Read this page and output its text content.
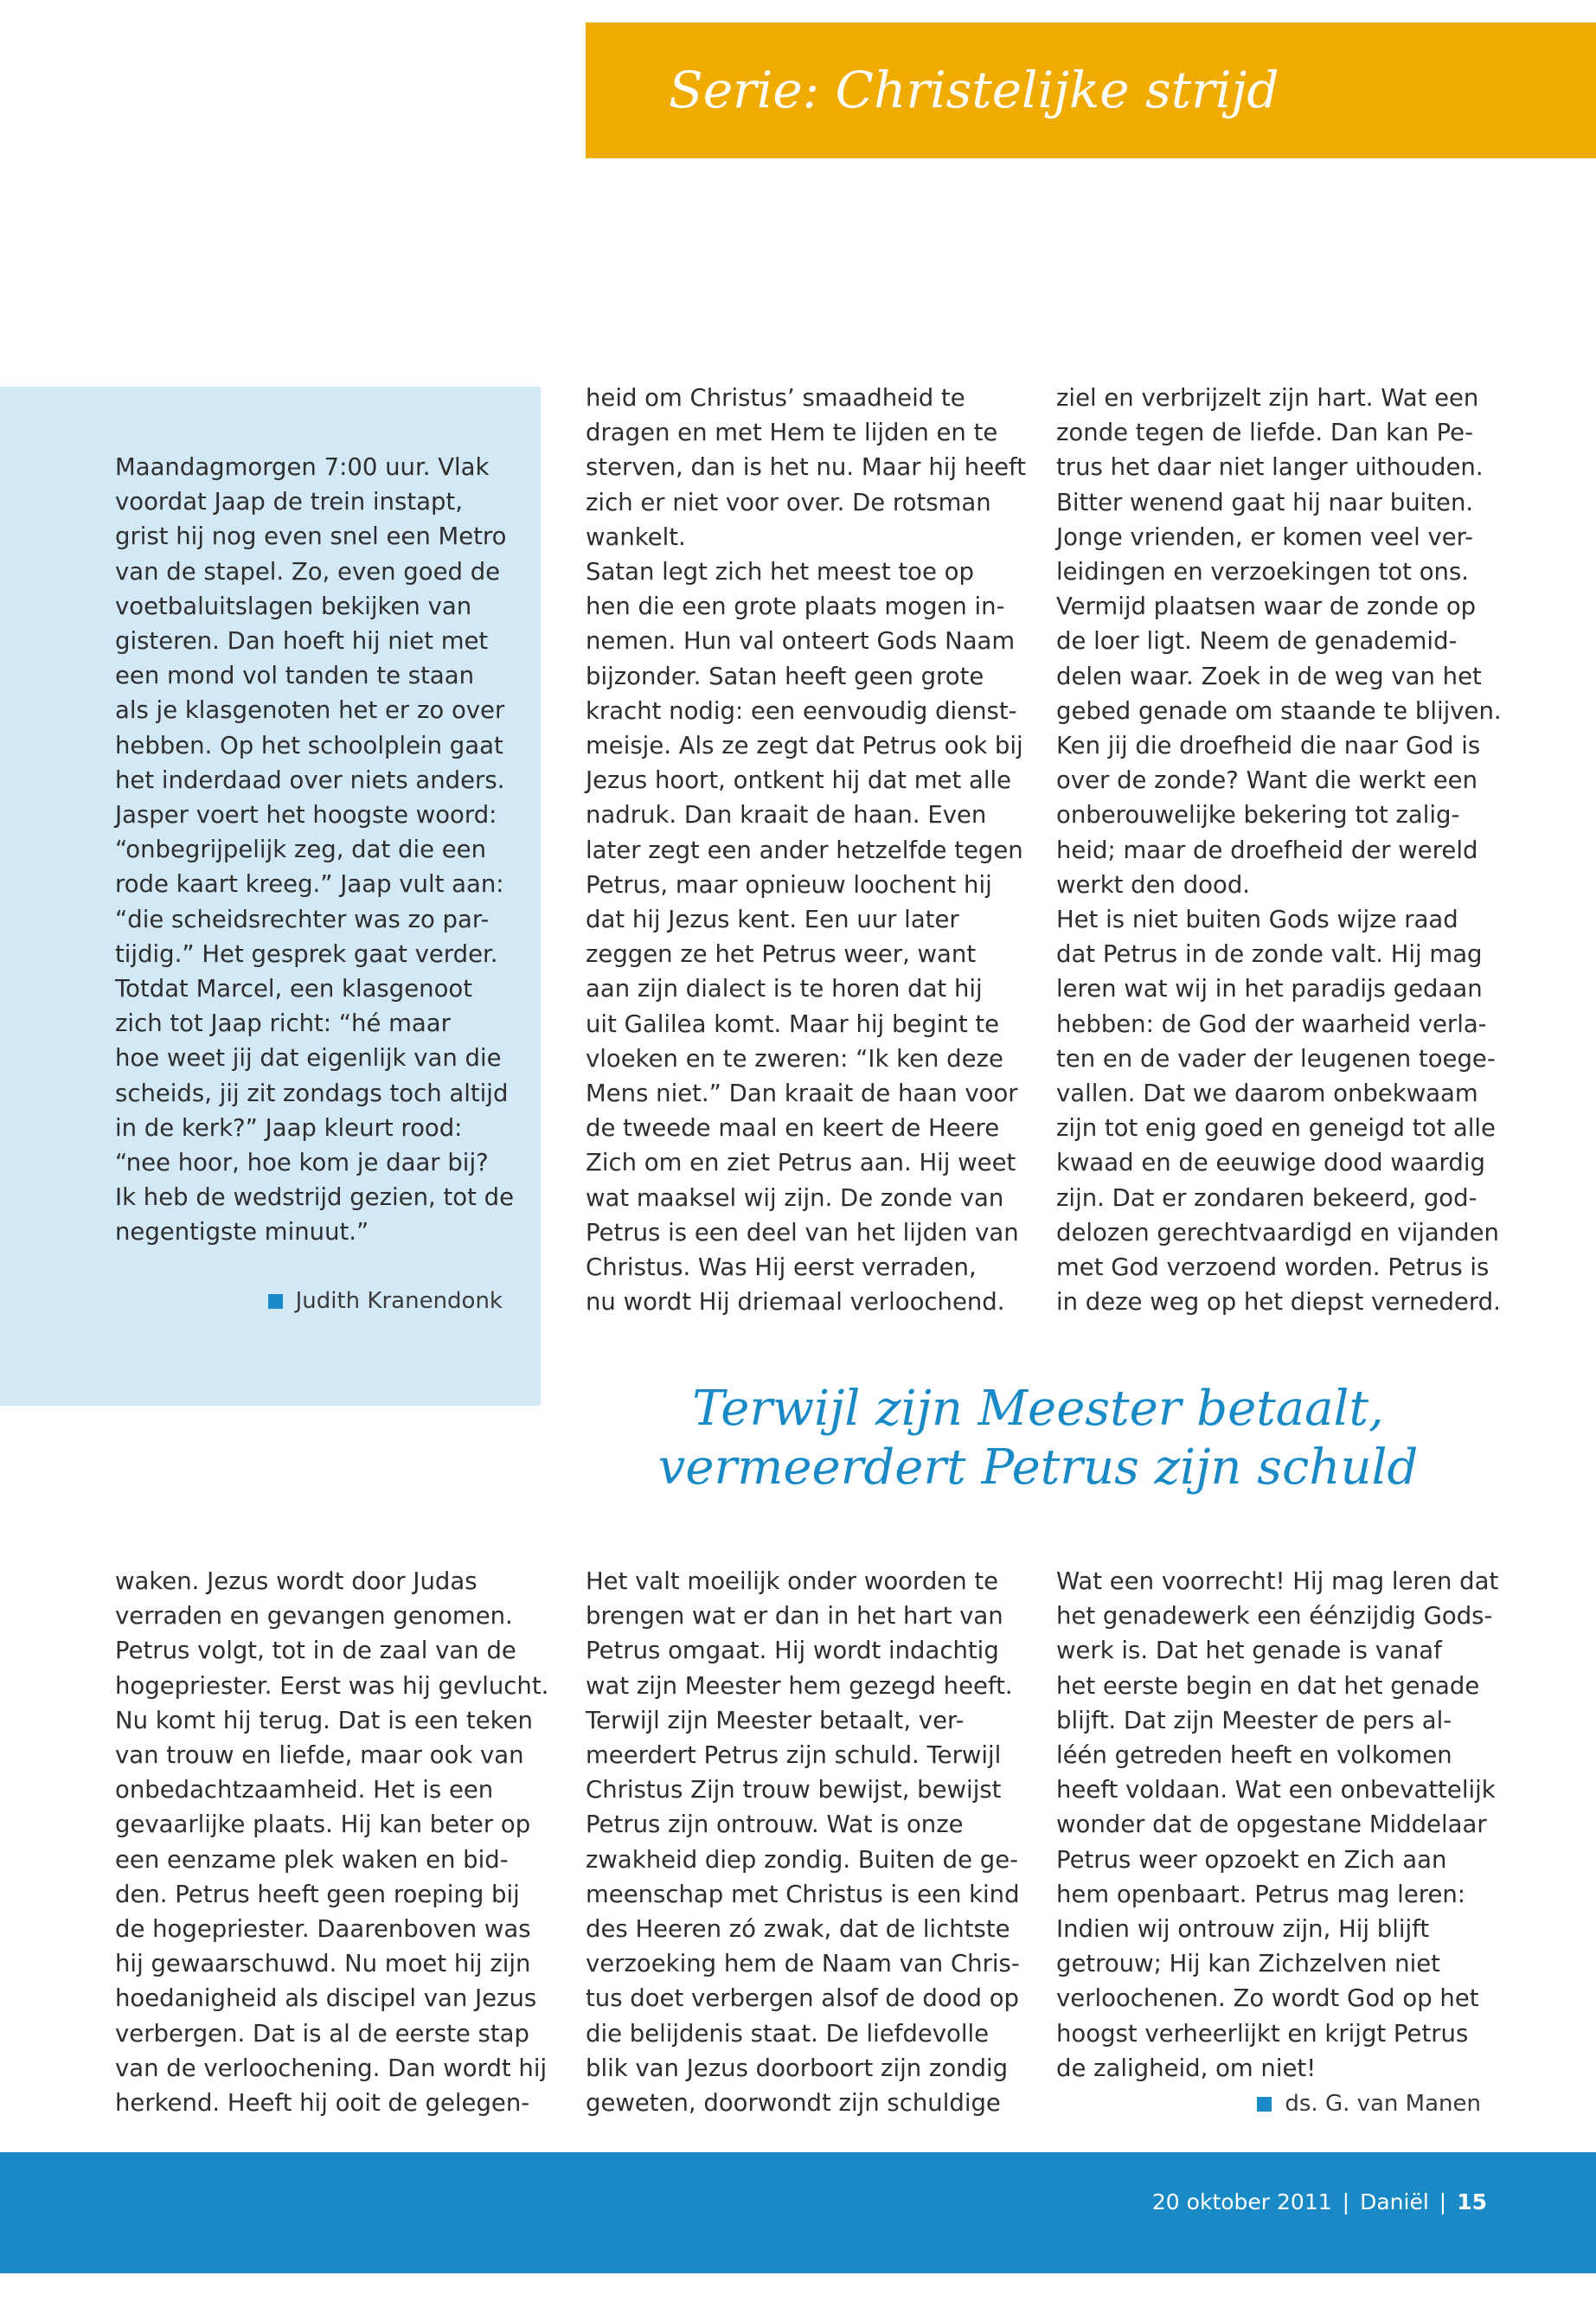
Serie: Christelijke strijd

Maandagmorgen 7:00 uur. Vlak
voordat Jaap de trein instapt,
grist hij nog even snel een Metro
van de stapel. Zo, even goed de
voetbaluitslagen bekijken van
gisteren. Dan hoeft hij niet met
een mond vol tanden te staan
als je klasgenoten het er zo over
hebben. Op het schoolplein gaat
het inderdaad over niets anders.
Jasper voert het hoogste woord:
“onbegrijpelijk zeg, dat die een
rode kaart kreeg.” Jaap vult aan:
“die scheidsrechter was zo par-
tijdig.” Het gesprek gaat verder.
Totdat Marcel, een klasgenoot
zich tot Jaap richt: “hé maar
hoe weet jij dat eigenlijk van die
scheids, jij zit zondags toch altijd
in de kerk?” Jaap kleurt rood:
“nee hoor, hoe kom je daar bij?
Ik heb de wedstrijd gezien, tot de
negentigste minuut.”

Judith Kranendonk

heid om Christus’ smaadheid te
dragen en met Hem te lijden en te
sterven, dan is het nu. Maar hij heeft
zich er niet voor over. De rotsman
wankelt.
Satan legt zich het meest toe op
hen die een grote plaats mogen in-
nemen. Hun val onteert Gods Naam
bijzonder. Satan heeft geen grote
kracht nodig: een eenvoudig dienst-
meisje. Als ze zegt dat Petrus ook bij
Jezus hoort, ontkent hij dat met alle
nadruk. Dan kraait de haan. Even
later zegt een ander hetzelfde tegen
Petrus, maar opnieuw loochent hij
dat hij Jezus kent. Een uur later
zeggen ze het Petrus weer, want
aan zijn dialect is te horen dat hij
uit Galilea komt. Maar hij begint te
vloeken en te zweren: “Ik ken deze
Mens niet.” Dan kraait de haan voor
de tweede maal en keert de Heere
Zich om en ziet Petrus aan. Hij weet
wat maaksel wij zijn. De zonde van
Petrus is een deel van het lijden van
Christus. Was Hij eerst verraden,
nu wordt Hij driemaal verloochend.

ziel en verbrijzelt zijn hart. Wat een
zonde tegen de liefde. Dan kan Pe-
trus het daar niet langer uithouden.
Bitter wenend gaat hij naar buiten.
Jonge vrienden, er komen veel ver-
leidingen en verzoekingen tot ons.
Vermijd plaatsen waar de zonde op
de loer ligt. Neem de genademid-
delen waar. Zoek in de weg van het
gebed genade om staande te blijven.
Ken jij die droefheid die naar God is
over de zonde? Want die werkt een
onberouwelijke bekering tot zalig-
heid; maar de droefheid der wereld
werkt den dood.
Het is niet buiten Gods wijze raad
dat Petrus in de zonde valt. Hij mag
leren wat wij in het paradijs gedaan
hebben: de God der waarheid verla-
ten en de vader der leugenen toege-
vallen. Dat we daarom onbekwaam
zijn tot enig goed en geneigd tot alle
kwaad en de eeuwige dood waardig
zijn. Dat er zondaren bekeerd, god-
delozen gerechtvaardigd en vijanden
met God verzoend worden. Petrus is
in deze weg op het diepst vernederd.

Terwijl zijn Meester betaalt,
vermeerdert Petrus zijn schuld

waken. Jezus wordt door Judas
verraden en gevangen genomen.
Petrus volgt, tot in de zaal van de
hogepriester. Eerst was hij gevlucht.
Nu komt hij terug. Dat is een teken
van trouw en liefde, maar ook van
onbedachtzaamheid. Het is een
gevaarlijke plaats. Hij kan beter op
een eenzame plek waken en bid-
den. Petrus heeft geen roeping bij
de hogepriester. Daarenboven was
hij gewaarschuwd. Nu moet hij zijn
hoedanigheid als discipel van Jezus
verbergen. Dat is al de eerste stap
van de verloochening. Dan wordt hij
herkend. Heeft hij ooit de gelegen-

Het valt moeilijk onder woorden te
brengen wat er dan in het hart van
Petrus omgaat. Hij wordt indachtig
wat zijn Meester hem gezegd heeft.
Terwijl zijn Meester betaalt, ver-
meerdert Petrus zijn schuld. Terwijl
Christus Zijn trouw bewijst, bewijst
Petrus zijn ontrouw. Wat is onze
zwakheid diep zondig. Buiten de ge-
meenschap met Christus is een kind
des Heeren zó zwak, dat de lichtste
verzoeking hem de Naam van Chris-
tus doet verbergen alsof de dood op
die belijdenis staat. De liefdevolle
blik van Jezus doorboort zijn zondig
geweten, doorwondt zijn schuldige

Wat een voorrecht! Hij mag leren dat
het genadewerk een éénzijdig Gods-
werk is. Dat het genade is vanaf
het eerste begin en dat het genade
blijft. Dat zijn Meester de pers al-
léén getreden heeft en volkomen
heeft voldaan. Wat een onbevattelijk
wonder dat de opgestane Middelaar
Petrus weer opzoekt en Zich aan
hem openbaart. Petrus mag leren:
Indien wij ontrouw zijn, Hij blijft
getrouw; Hij kan Zichzelven niet
verloochenen. Zo wordt God op het
hoogst verheerlijkt en krijgt Petrus
de zaligheid, om niet!

ds. G. van Manen
20 oktober 2011 | Daniël | 15
